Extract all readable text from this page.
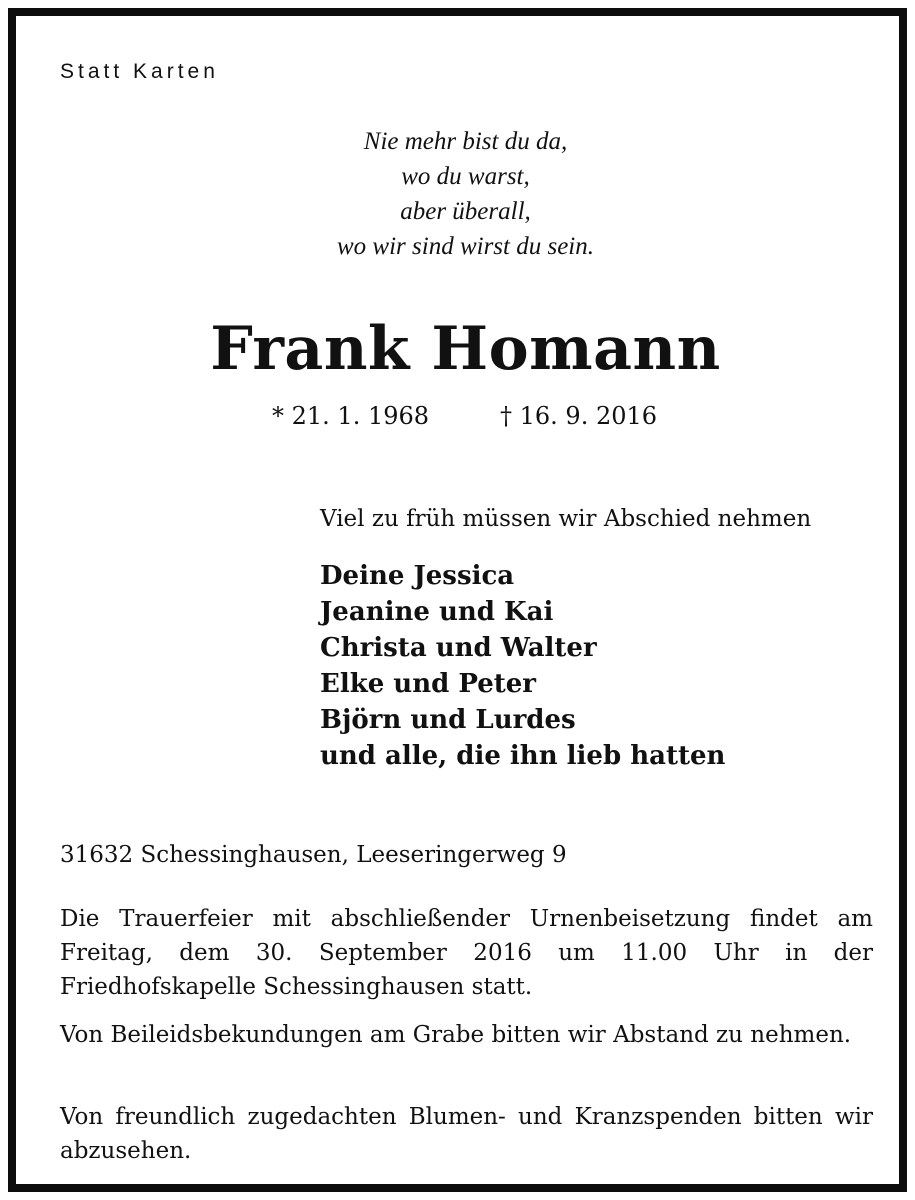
Statt Karten
Nie mehr bist du da,
wo du warst,
aber überall,
wo wir sind wirst du sein.
Frank Homann
* 21. 1. 1968	† 16. 9. 2016
Viel zu früh müssen wir Abschied nehmen
Deine Jessica
Jeanine und Kai
Christa und Walter
Elke und Peter
Björn und Lurdes
und alle, die ihn lieb hatten
31632 Schessinghausen, Leeseringerweg 9
Die Trauerfeier mit abschließender Urnenbeisetzung findet am Freitag, dem 30. September 2016 um 11.00 Uhr in der Friedhofskapelle Schessinghausen statt.
Von Beileidsbekundungen am Grabe bitten wir Abstand zu nehmen.
Von freundlich zugedachten Blumen- und Kranzspenden bitten wir abzusehen.
